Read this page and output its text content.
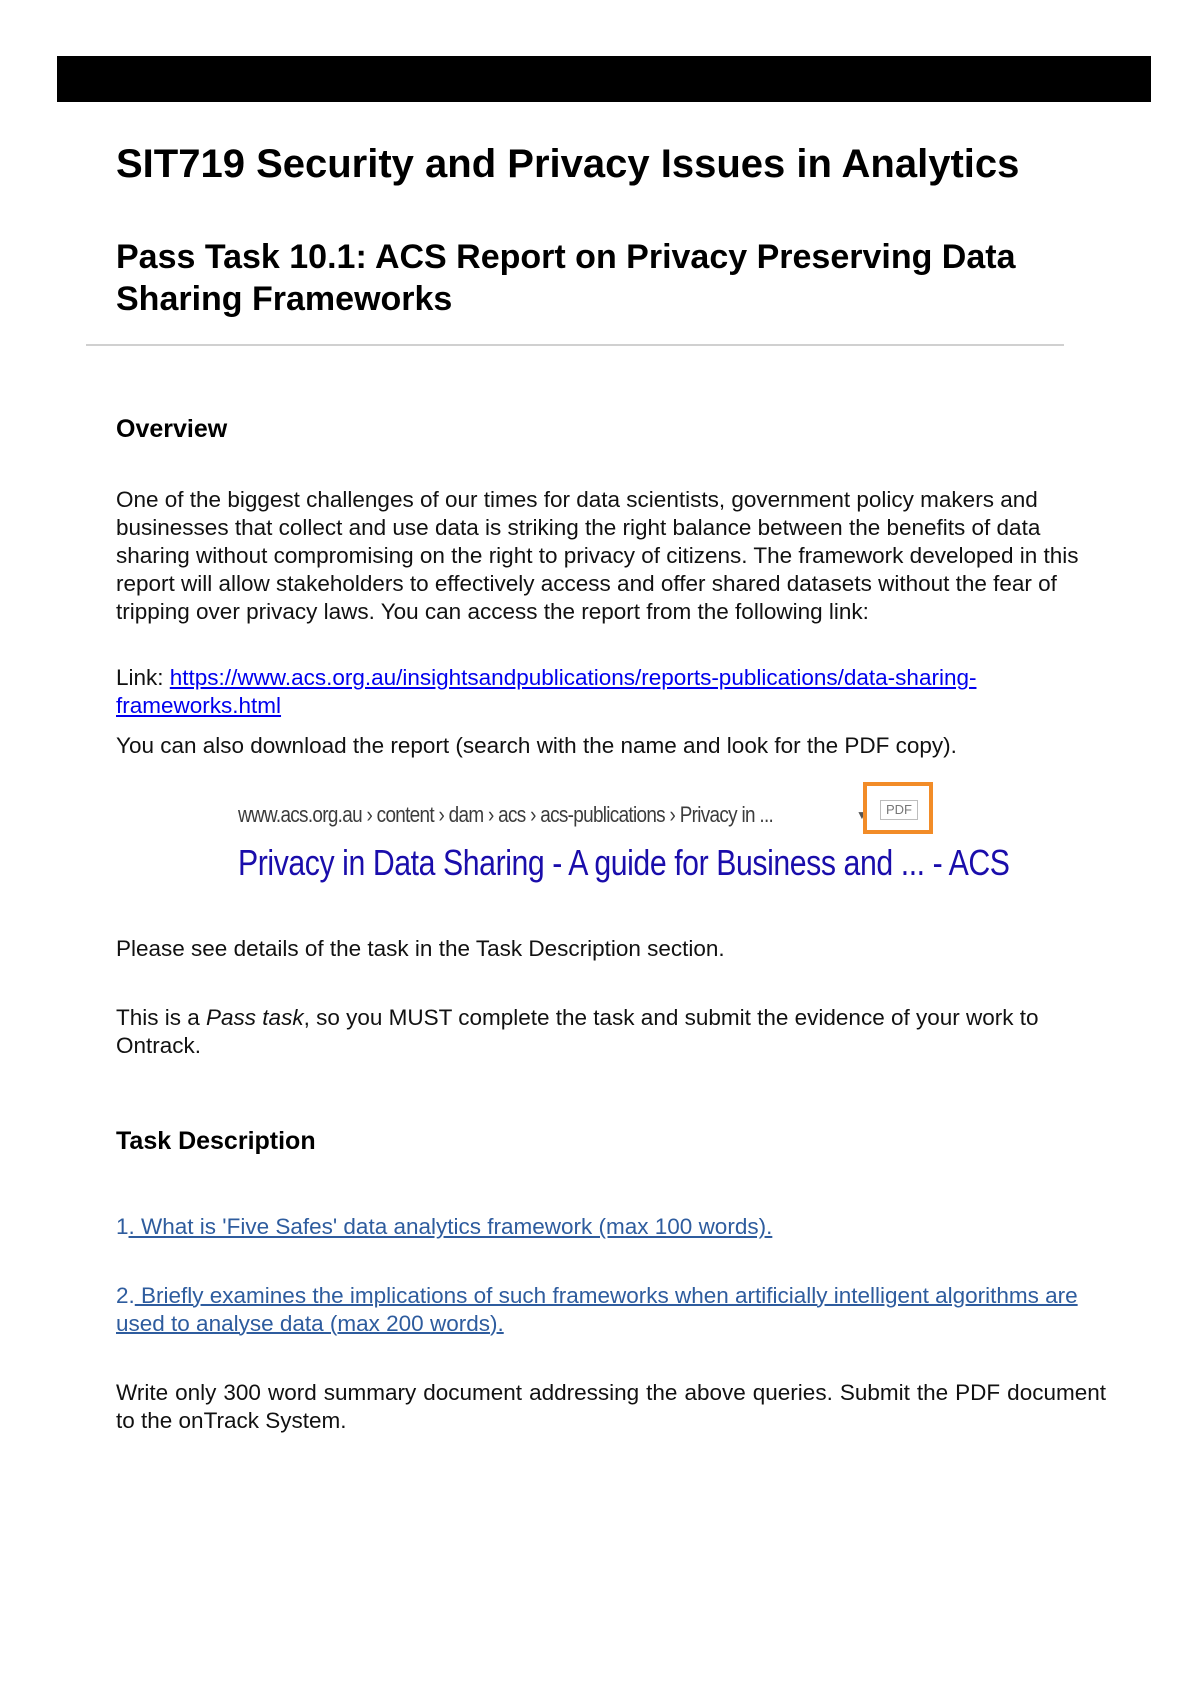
SIT719 Security and Privacy Issues in Analytics
Pass Task 10.1: ACS Report on Privacy Preserving Data Sharing Frameworks
Overview

One of the biggest challenges of our times for data scientists, government policy makers and businesses that collect and use data is striking the right balance between the benefits of data sharing without compromising on the right to privacy of citizens. The framework developed in this report will allow stakeholders to effectively access and offer shared datasets without the fear of tripping over privacy laws. You can access the report from the following link:

Link: https://www.acs.org.au/insightsandpublications/reports-publications/data-sharing-frameworks.html

You can also download the report (search with the name and look for the PDF copy).

Please see details of the task in the Task Description section.

This is a Pass task, so you MUST complete the task and submit the evidence of your work to Ontrack.

Task Description

1. What is 'Five Safes' data analytics framework (max 100 words).

2. Briefly examines the implications of such frameworks when artificially intelligent algorithms are used to analyse data (max 200 words).

Write only 300 word summary document addressing the above queries. Submit the PDF document to the onTrack System.

www.acs.org.au › content › dam › acs › acs-publications › Privacy in ...	▼	PDF
Privacy in Data Sharing - A guide for Business and ... - ACS
